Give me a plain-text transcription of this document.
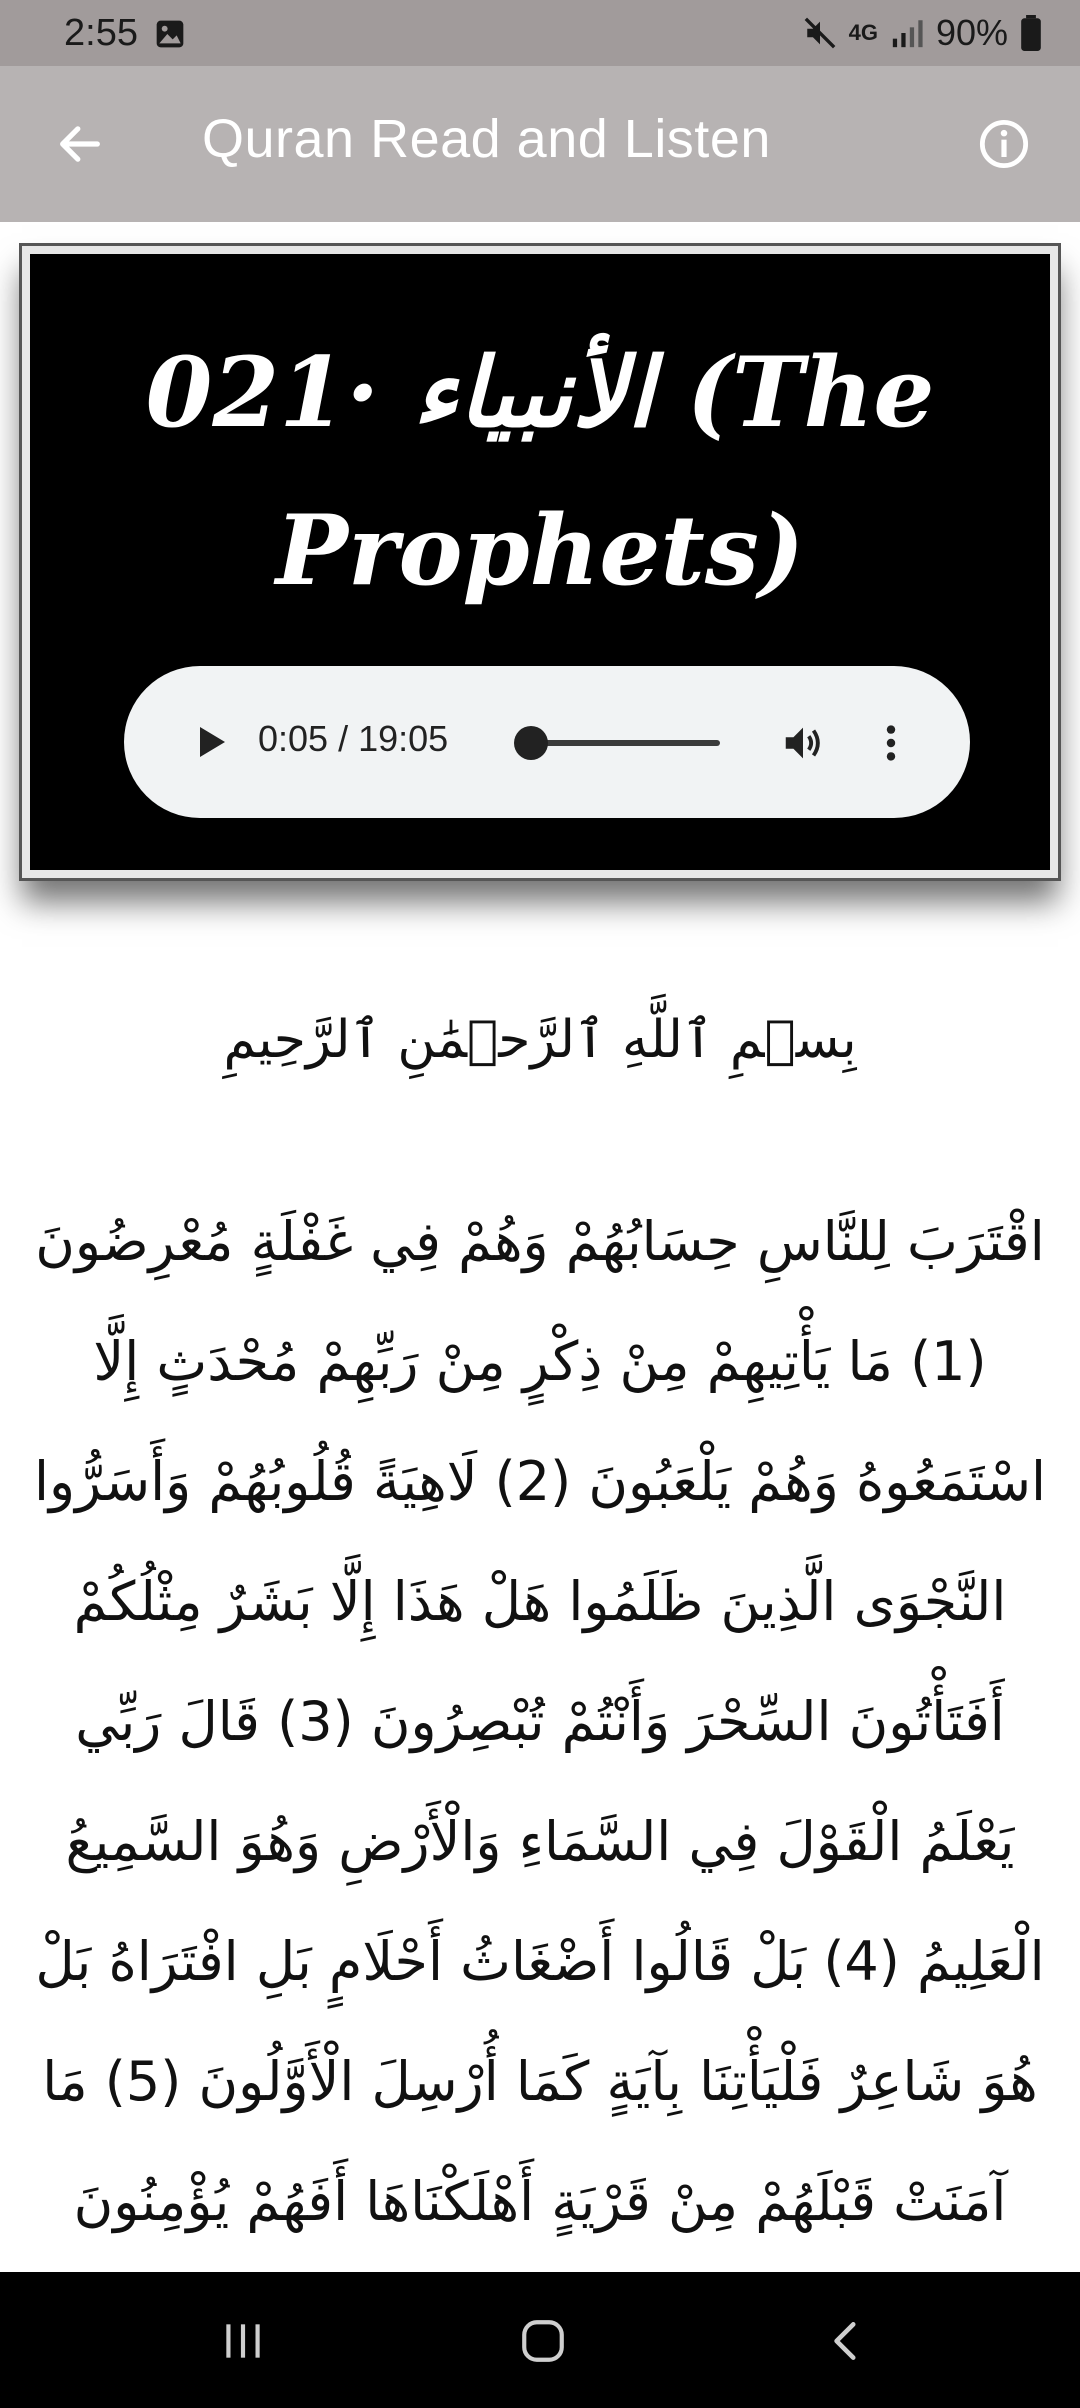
2:55	4G 90%
Quran Read and Listen
021· الأنبياء (The Prophets)
0:05 / 19:05
بِسۡمِ ٱللَّهِ ٱلرَّحۡمَٰنِ ٱلرَّحِيمِ
اقْتَرَبَ لِلنَّاسِ حِسَابُهُمْ وَهُمْ فِي غَفْلَةٍ مُعْرِضُونَ (1) مَا يَأْتِيهِمْ مِنْ ذِكْرٍ مِنْ رَبِّهِمْ مُحْدَثٍ إِلَّا اسْتَمَعُوهُ وَهُمْ يَلْعَبُونَ (2) لَاهِيَةً قُلُوبُهُمْ وَأَسَرُّوا النَّجْوَى الَّذِينَ ظَلَمُوا هَلْ هَذَا إِلَّا بَشَرٌ مِثْلُكُمْ أَفَتَأْتُونَ السِّحْرَ وَأَنْتُمْ تُبْصِرُونَ (3) قَالَ رَبِّي يَعْلَمُ الْقَوْلَ فِي السَّمَاءِ وَالْأَرْضِ وَهُوَ السَّمِيعُ الْعَلِيمُ (4) بَلْ قَالُوا أَضْغَاثُ أَحْلَامٍ بَلِ افْتَرَاهُ بَلْ هُوَ شَاعِرٌ فَلْيَأْتِنَا بِآيَةٍ كَمَا أُرْسِلَ الْأَوَّلُونَ (5) مَا آمَنَتْ قَبْلَهُمْ مِنْ قَرْيَةٍ أَهْلَكْنَاهَا أَفَهُمْ يُؤْمِنُونَ
